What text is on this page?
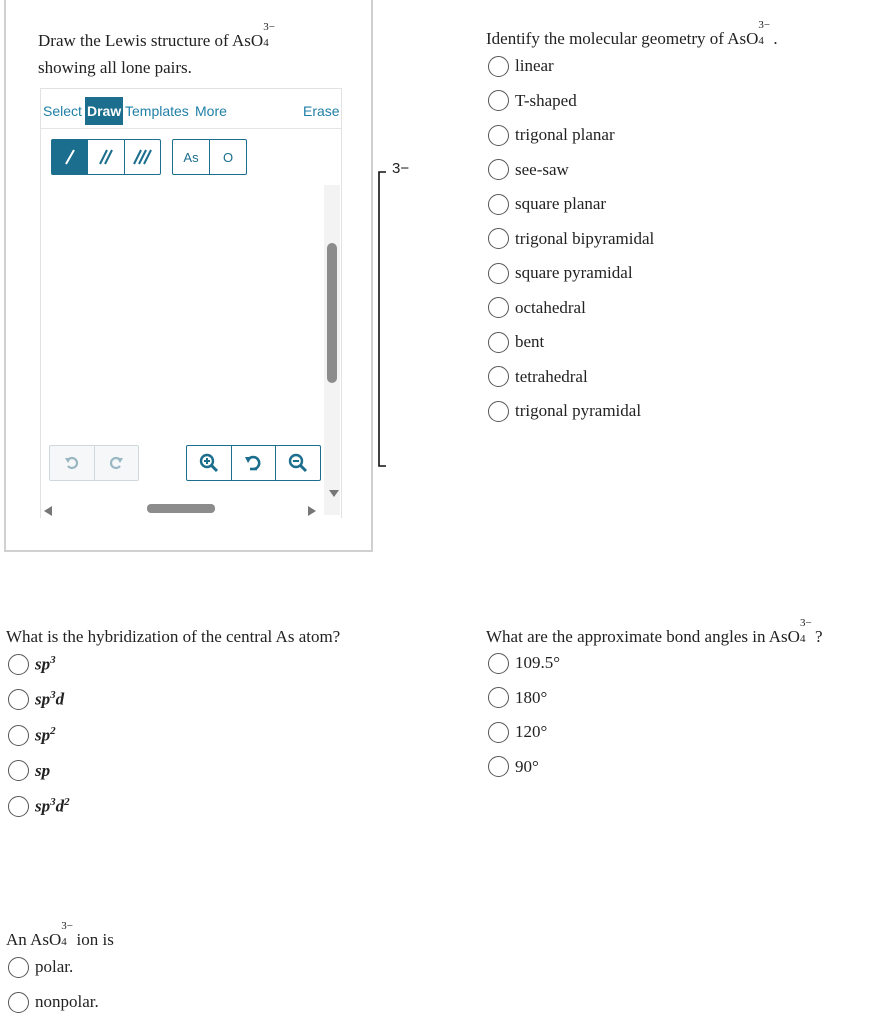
Draw the Lewis structure of AsO
3−
4
showing all lone pairs.
Select Draw Templates More	Erase
As	O
3−
Identify the molecular geometry of AsO
3−
4 .
linear
T-shaped
trigonal planar
see-saw
square planar
trigonal bipyramidal
square pyramidal
octahedral
bent
tetrahedral
trigonal pyramidal
What is the hybridization of the central As atom?
$sp^3$
$sp^3d$
$sp^2$
sp
$sp^3d^2$
What are the approximate bond angles in AsO
3−
4 ?
109.5°
180°
120°
90°
An AsO
3−
4 ion is
polar.
nonpolar.
